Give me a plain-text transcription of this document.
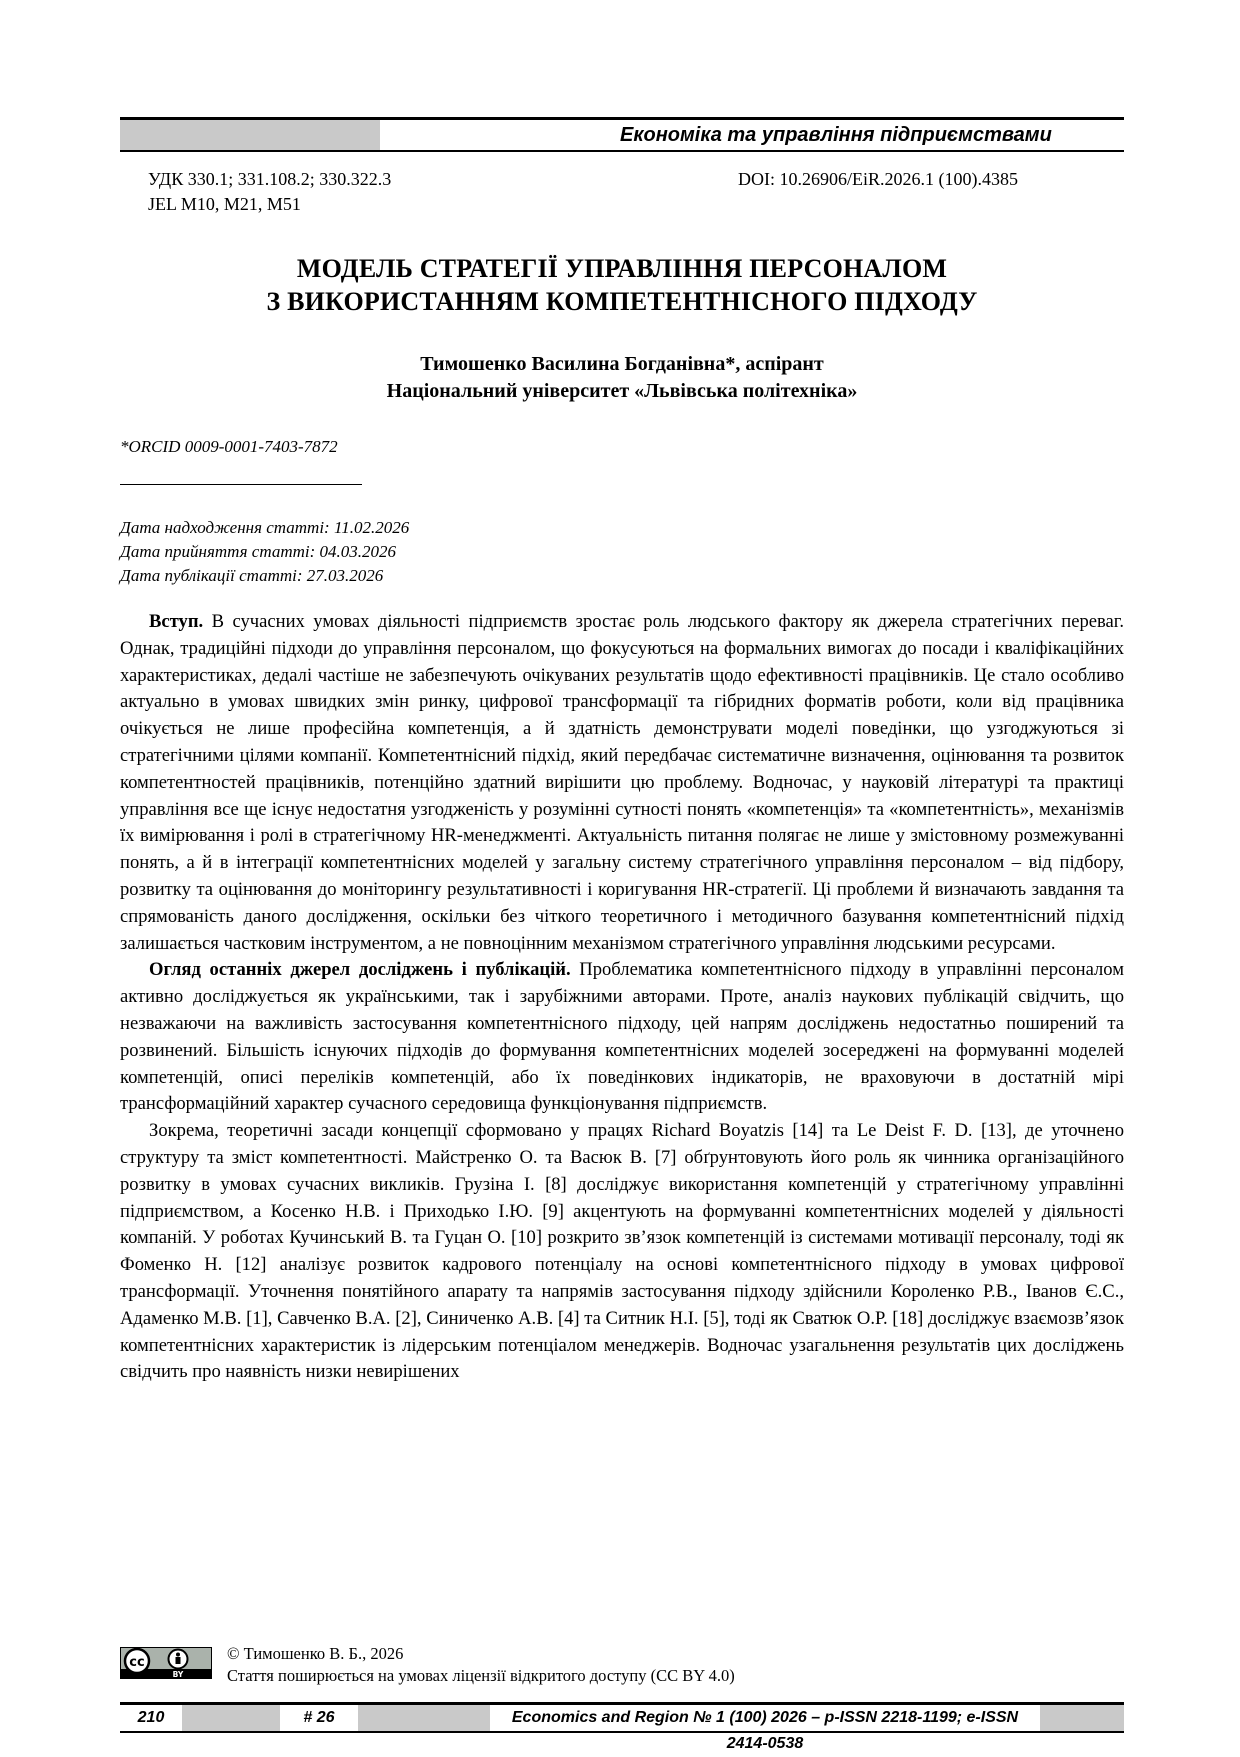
Економіка та управління підприємствами
УДК 330.1; 331.108.2; 330.322.3
JEL M10, M21, M51
DOI: 10.26906/EiR.2026.1 (100).4385
МОДЕЛЬ СТРАТЕГІЇ УПРАВЛІННЯ ПЕРСОНАЛОМ
З ВИКОРИСТАННЯМ КОМПЕТЕНТНІСНОГО ПІДХОДУ
Тимошенко Василина Богданівна*, аспірант
Національний університет «Львівська політехніка»
*ORCID 0009-0001-7403-7872
Дата надходження статті: 11.02.2026
Дата прийняття статті: 04.03.2026
Дата публікації статті: 27.03.2026

Вступ. В сучасних умовах діяльності підприємств зростає роль людського фактору як джерела стратегічних переваг. Однак, традиційні підходи до управління персоналом, що фокусуються на формальних вимогах до посади і кваліфікаційних характеристиках, дедалі частіше не забезпечують очікуваних результатів щодо ефективності працівників. Це стало особливо актуально в умовах швидких змін ринку, цифрової трансформації та гібридних форматів роботи, коли від працівника очікується не лише професійна компетенція, а й здатність демонструвати моделі поведінки, що узгоджуються зі стратегічними цілями компанії. Компетентнісний підхід, який передбачає систематичне визначення, оцінювання та розвиток компетентностей працівників, потенційно здатний вирішити цю проблему. Водночас, у науковій літературі та практиці управління все ще існує недостатня узгодженість у розумінні сутності понять «компетенція» та «компетентність», механізмів їх вимірювання і ролі в стратегічному HR-менеджменті. Актуальність питання полягає не лише у змістовному розмежуванні понять, а й в інтеграції компетентнісних моделей у загальну систему стратегічного управління персоналом – від підбору, розвитку та оцінювання до моніторингу результативності і коригування HR-стратегії. Ці проблеми й визначають завдання та спрямованість даного дослідження, оскільки без чіткого теоретичного і методичного базування компетентнісний підхід залишається частковим інструментом, а не повноцінним механізмом стратегічного управління людськими ресурсами.

Огляд останніх джерел досліджень і публікацій. Проблематика компетентнісного підходу в управлінні персоналом активно досліджується як українськими, так і зарубіжними авторами. Проте, аналіз наукових публікацій свідчить, що незважаючи на важливість застосування компетентнісного підходу, цей напрям досліджень недостатньо поширений та розвинений. Більшість існуючих підходів до формування компетентнісних моделей зосереджені на формуванні моделей компетенцій, описі переліків компетенцій, або їх поведінкових індикаторів, не враховуючи в достатній мірі трансформаційний характер сучасного середовища функціонування підприємств.

Зокрема, теоретичні засади концепції сформовано у працях Richard Boyatzis [14] та Le Deist F. D. [13], де уточнено структуру та зміст компетентності. Майстренко О. та Васюк В. [7] обґрунтовують його роль як чинника організаційного розвитку в умовах сучасних викликів. Грузіна І. [8] досліджує використання компетенцій у стратегічному управлінні підприємством, а Косенко Н.В. і Приходько І.Ю. [9] акцентують на формуванні компетентнісних моделей у діяльності компаній. У роботах Кучинський В. та Гуцан О. [10] розкрито зв’язок компетенцій із системами мотивації персоналу, тоді як Фоменко Н. [12] аналізує розвиток кадрового потенціалу на основі компетентнісного підходу в умовах цифрової трансформації. Уточнення понятійного апарату та напрямів застосування підходу здійснили Короленко Р.В., Іванов Є.С., Адаменко М.В. [1], Савченко В.А. [2], Синиченко А.В. [4] та Ситник Н.І. [5], тоді як Сватюк О.Р. [18] досліджує взаємозв’язок компетентнісних характеристик із лідерським потенціалом менеджерів. Водночас узагальнення результатів цих досліджень свідчить про наявність низки невирішених

cc
BY
© Тимошенко В. Б., 2026
Стаття поширюється на умовах ліцензії відкритого доступу (CC BY 4.0)
210	# 26	Economics and Region № 1 (100) 2026 – p-ISSN 2218-1199; e-ISSN 2414-0538
